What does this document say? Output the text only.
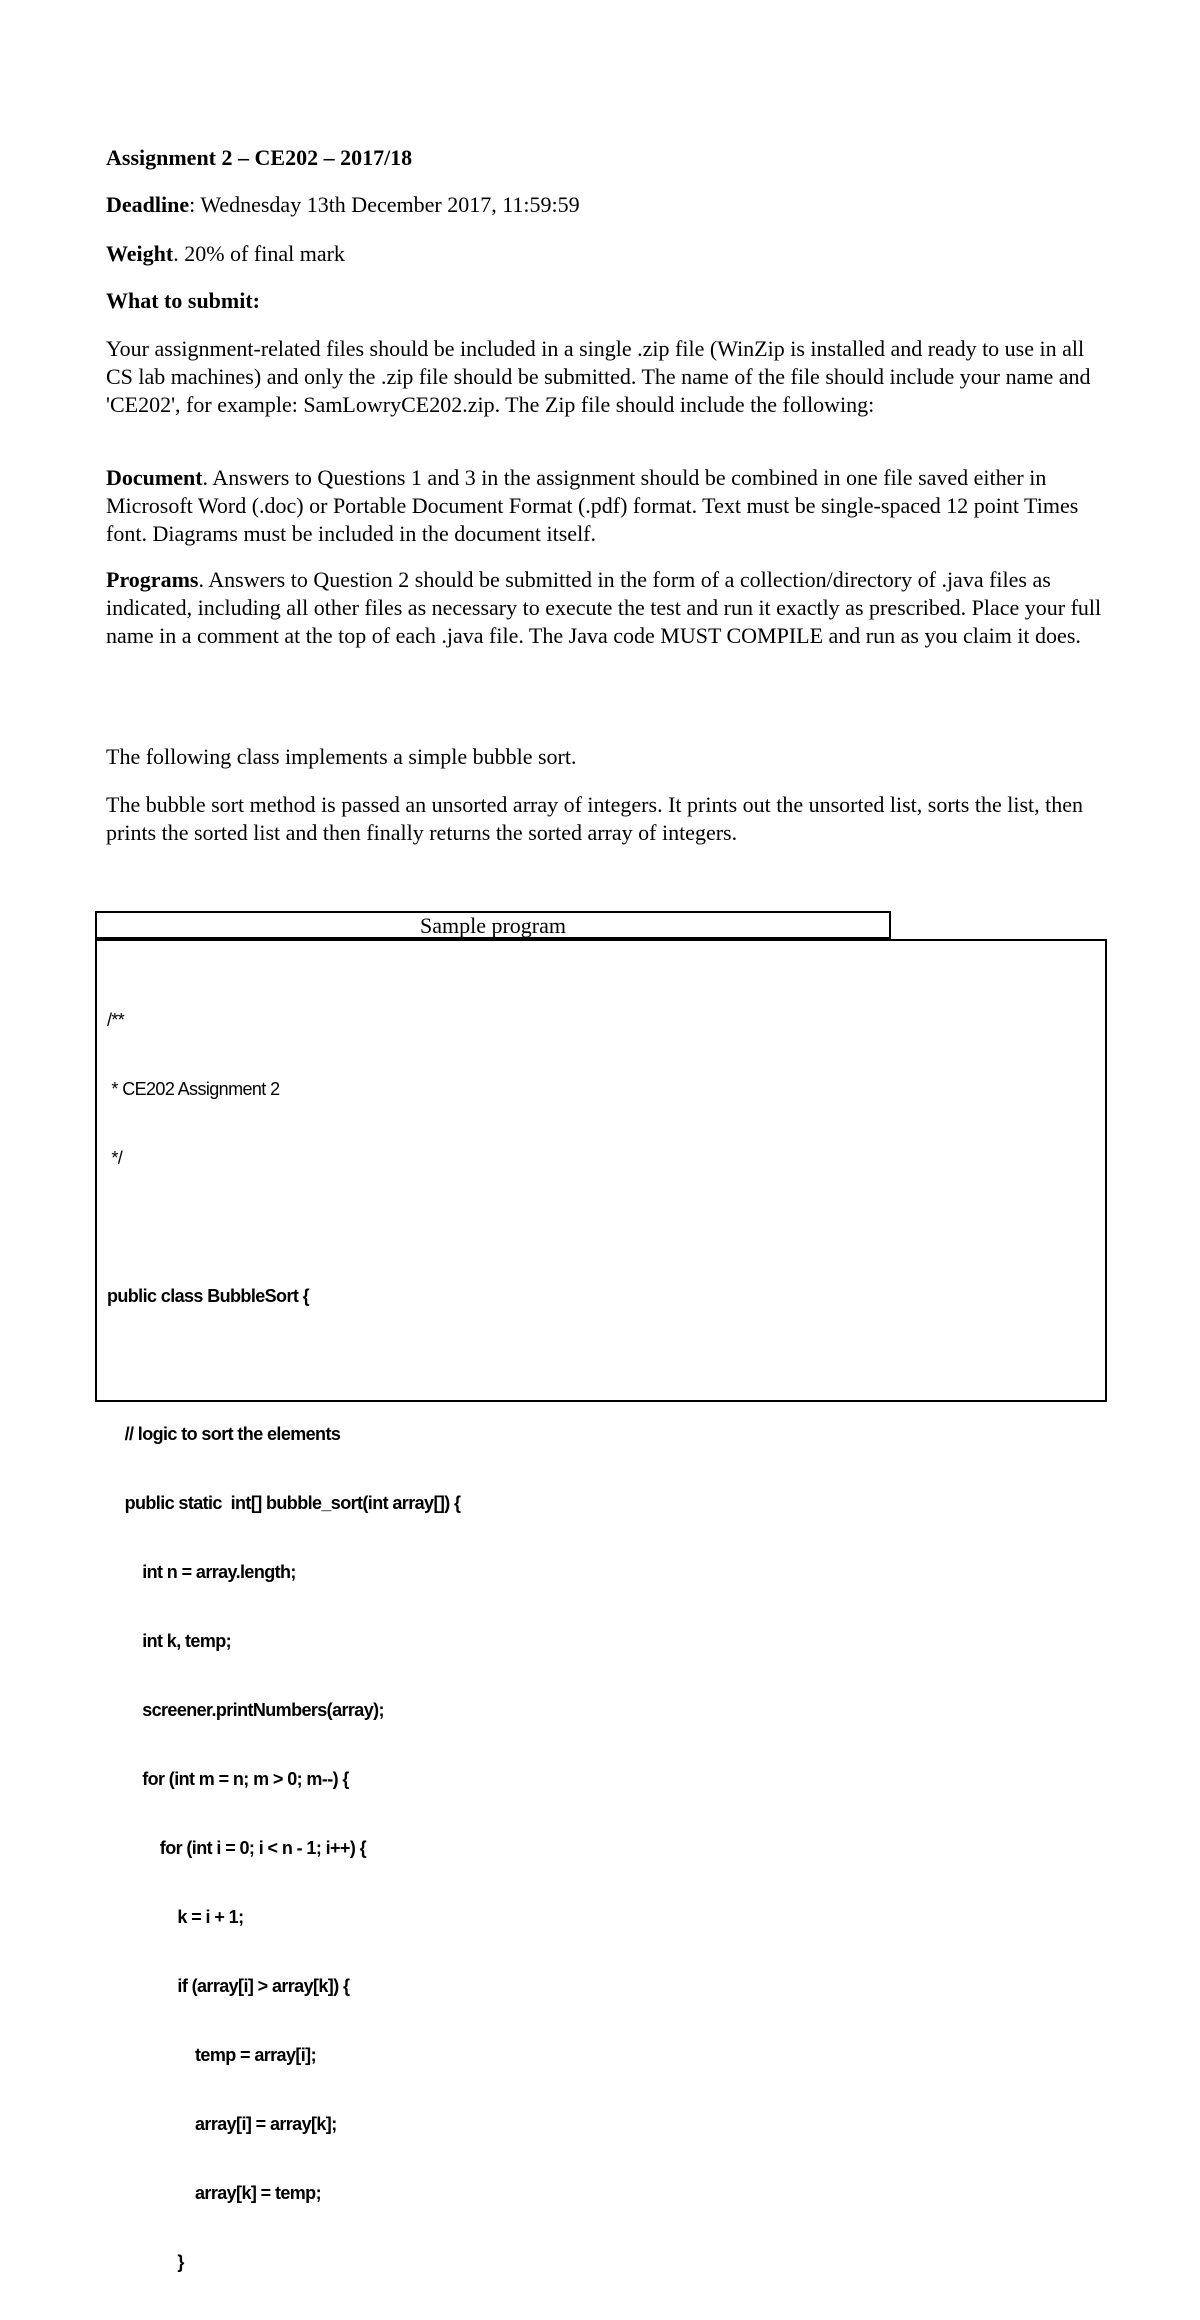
Assignment 2 – CE202 – 2017/18
Deadline: Wednesday 13th December 2017, 11:59:59
Weight. 20% of final mark
What to submit:
Your assignment-related files should be included in a single .zip file (WinZip is installed and ready to use in all CS lab machines) and only the .zip file should be submitted. The name of the file should include your name and 'CE202', for example: SamLowryCE202.zip. The Zip file should include the following:
Document. Answers to Questions 1 and 3 in the assignment should be combined in one file saved either in Microsoft Word (.doc) or Portable Document Format (.pdf) format. Text must be single-spaced 12 point Times font. Diagrams must be included in the document itself.
Programs. Answers to Question 2 should be submitted in the form of a collection/directory of .java files as indicated, including all other files as necessary to execute the test and run it exactly as prescribed. Place your full name in a comment at the top of each .java file. The Java code MUST COMPILE and run as you claim it does.
The following class implements a simple bubble sort.
The bubble sort method is passed an unsorted array of integers. It prints out the unsorted list, sorts the list, then prints the sorted list and then finally returns the sorted array of integers.
Sample program

/**

* CE202 Assignment 2

*/

public class BubbleSort {

// logic to sort the elements

public static  int[] bubble_sort(int array[]) {

int n = array.length;

int k, temp;

screener.printNumbers(array);

for (int m = n; m > 0; m--) {

for (int i = 0; i < n - 1; i++) {

k = i + 1;

if (array[i] > array[k]) {

temp = array[i];

array[i] = array[k];

array[k] = temp;

}
